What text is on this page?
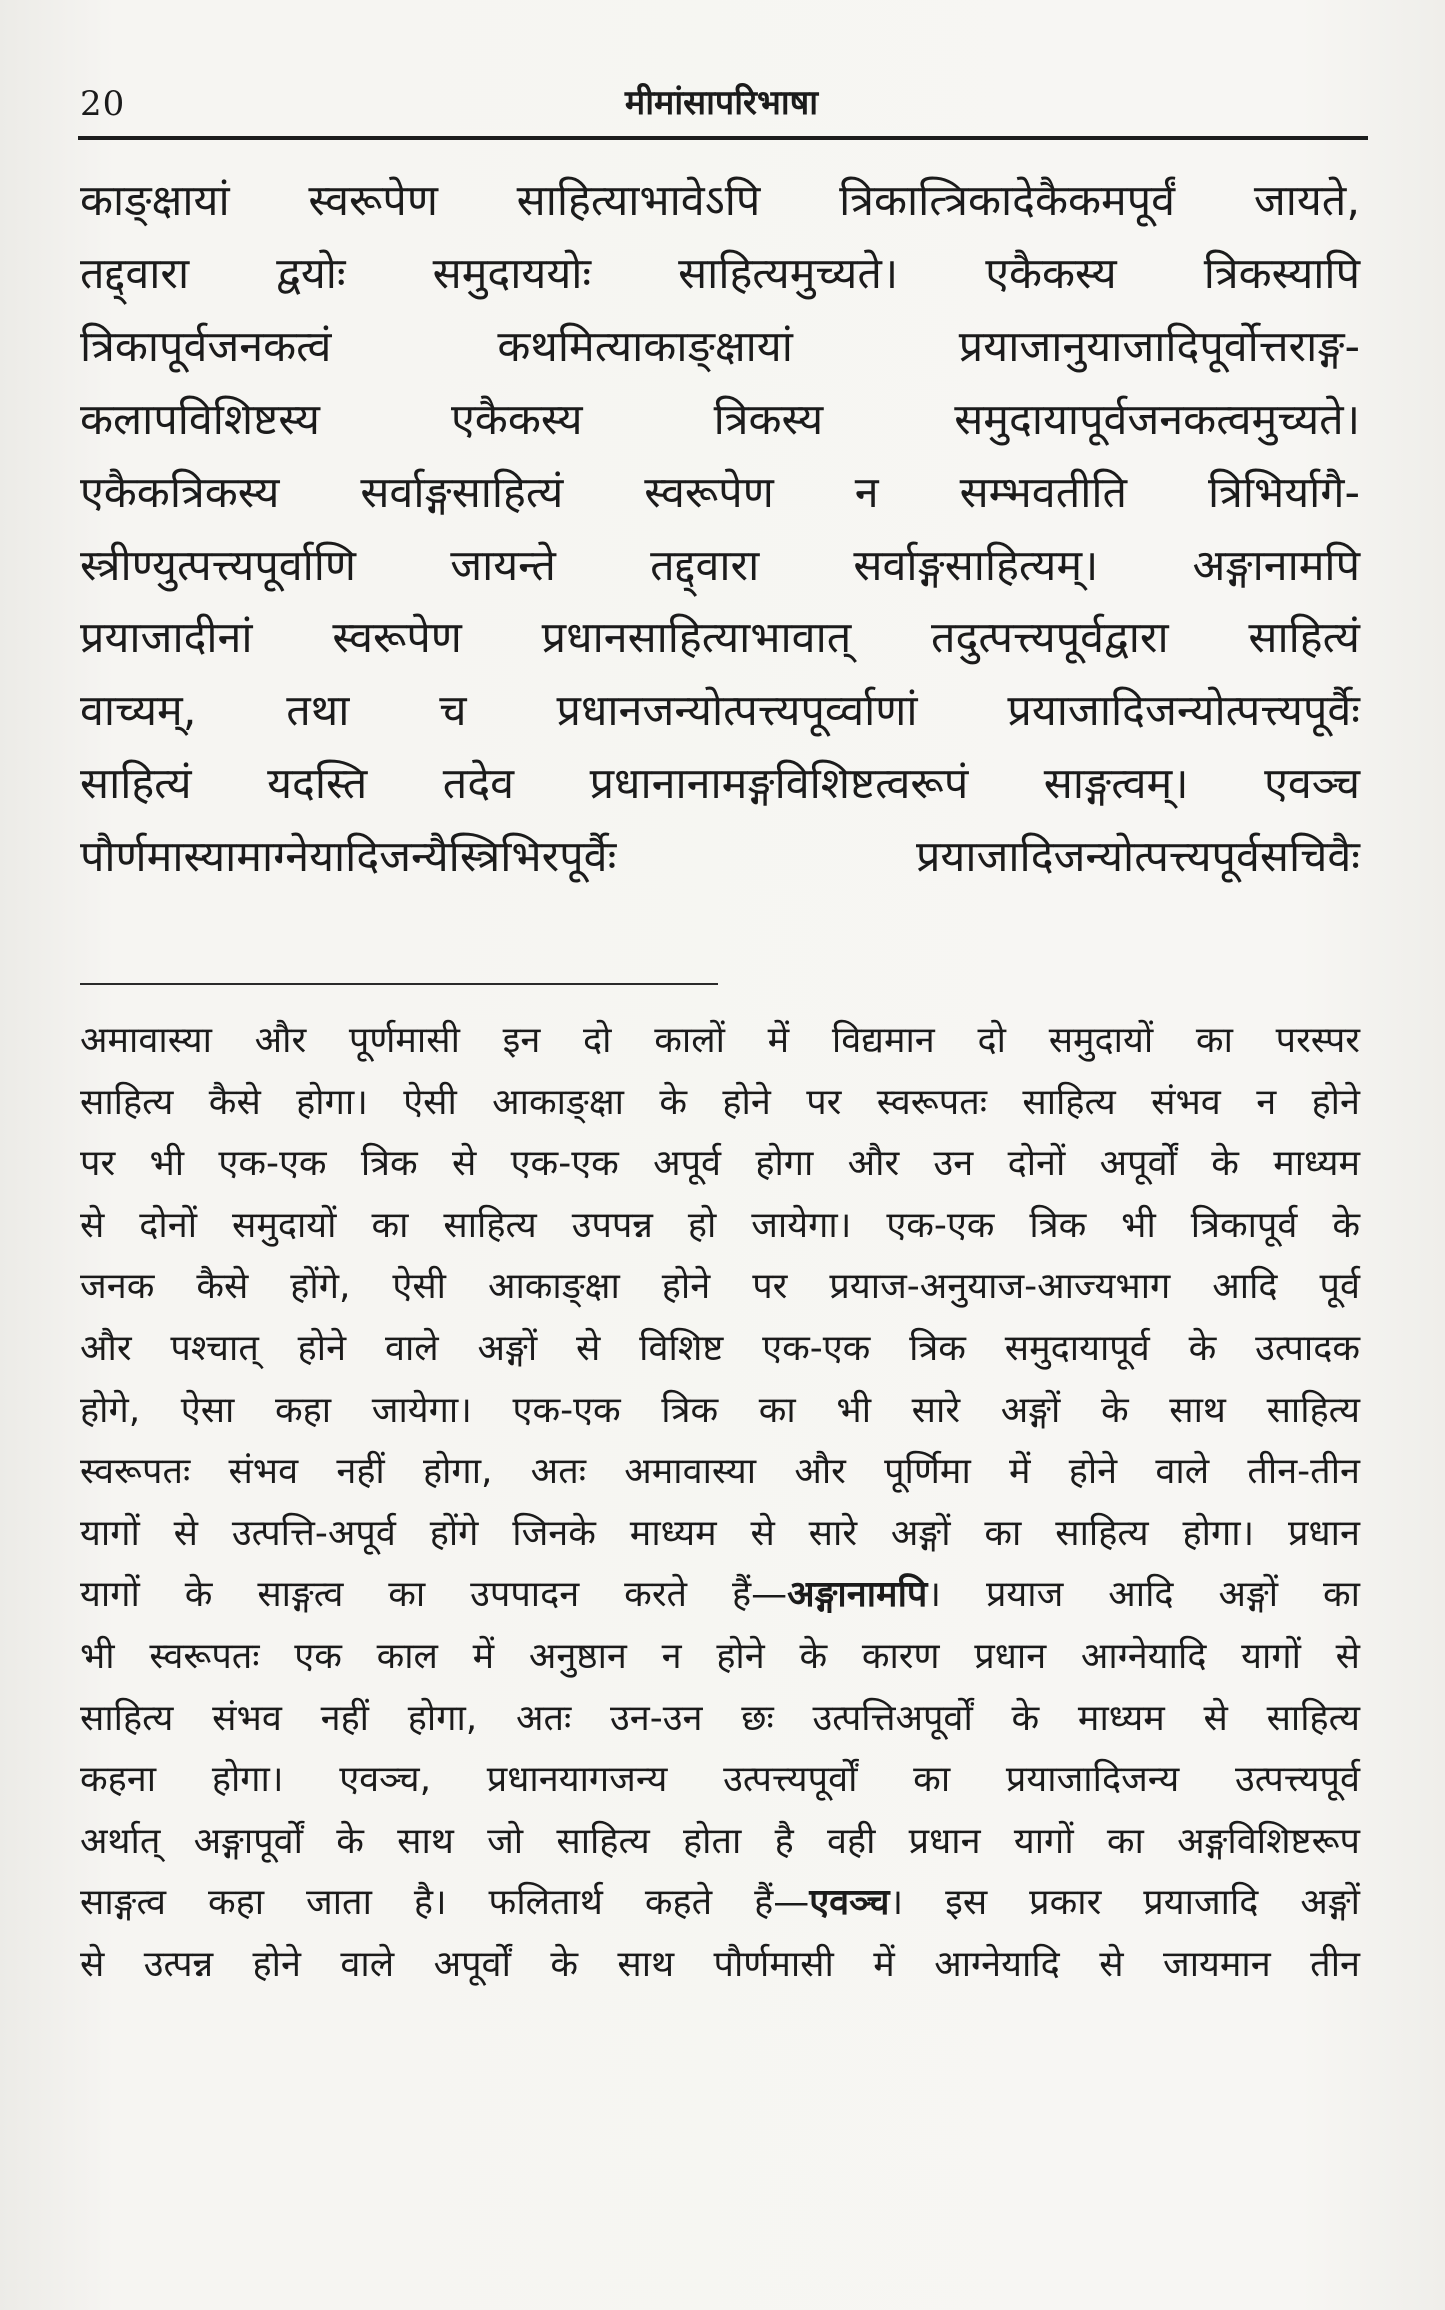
20	मीमांसापरिभाषा

काङ्क्षायां स्वरूपेण साहित्याभावेऽपि त्रिकात्त्रिकादेकैकमपूर्वं जायते,

तद्द्वारा द्वयोः समुदाययोः साहित्यमुच्यते। एकैकस्य त्रिकस्यापि

त्रिकापूर्वजनकत्वं कथमित्याकाङ्क्षायां प्रयाजानुयाजादिपूर्वोत्तराङ्ग-

कलापविशिष्टस्य एकैकस्य त्रिकस्य समुदायापूर्वजनकत्वमुच्यते।

एकैकत्रिकस्य सर्वाङ्गसाहित्यं स्वरूपेण न सम्भवतीति त्रिभिर्यागै-

स्त्रीण्युत्पत्त्यपूर्वाणि जायन्ते तद्द्वारा सर्वाङ्गसाहित्यम्। अङ्गानामपि

प्रयाजादीनां स्वरूपेण प्रधानसाहित्याभावात् तदुत्पत्त्यपूर्वद्वारा साहित्यं

वाच्यम्, तथा च प्रधानजन्योत्पत्त्यपूर्व्वाणां प्रयाजादिजन्योत्पत्त्यपूर्वैः

साहित्यं यदस्ति तदेव प्रधानानामङ्गविशिष्टत्वरूपं साङ्गत्वम्। एवञ्च

पौर्णमास्यामाग्नेयादिजन्यैस्त्रिभिरपूर्वैः प्रयाजादिजन्योत्पत्त्यपूर्वसचिवैः

अमावास्या और पूर्णमासी इन दो कालों में विद्यमान दो समुदायों का परस्पर

साहित्य कैसे होगा। ऐसी आकाङ्क्षा के होने पर स्वरूपतः साहित्य संभव न होने

पर भी एक-एक त्रिक से एक-एक अपूर्व होगा और उन दोनों अपूर्वों के माध्यम

से दोनों समुदायों का साहित्य उपपन्न हो जायेगा। एक-एक त्रिक भी त्रिकापूर्व के

जनक कैसे होंगे, ऐसी आकाङ्क्षा होने पर प्रयाज-अनुयाज-आज्यभाग आदि पूर्व

और पश्चात् होने वाले अङ्गों से विशिष्ट एक-एक त्रिक समुदायापूर्व के उत्पादक

होगे, ऐसा कहा जायेगा। एक-एक त्रिक का भी सारे अङ्गों के साथ साहित्य

स्वरूपतः संभव नहीं होगा, अतः अमावास्या और पूर्णिमा में होने वाले तीन-तीन

यागों से उत्पत्ति-अपूर्व होंगे जिनके माध्यम से सारे अङ्गों का साहित्य होगा। प्रधान

यागों के साङ्गत्व का उपपादन करते हैं—अङ्गानामपि। प्रयाज आदि अङ्गों का

भी स्वरूपतः एक काल में अनुष्ठान न होने के कारण प्रधान आग्नेयादि यागों से

साहित्य संभव नहीं होगा, अतः उन-उन छः उत्पत्तिअपूर्वों के माध्यम से साहित्य

कहना होगा। एवञ्च, प्रधानयागजन्य उत्पत्त्यपूर्वों का प्रयाजादिजन्य उत्पत्त्यपूर्व

अर्थात् अङ्गापूर्वों के साथ जो साहित्य होता है वही प्रधान यागों का अङ्गविशिष्टरूप

साङ्गत्व कहा जाता है। फलितार्थ कहते हैं—एवञ्च। इस प्रकार प्रयाजादि अङ्गों

से उत्पन्न होने वाले अपूर्वों के साथ पौर्णमासी में आग्नेयादि से जायमान तीन
